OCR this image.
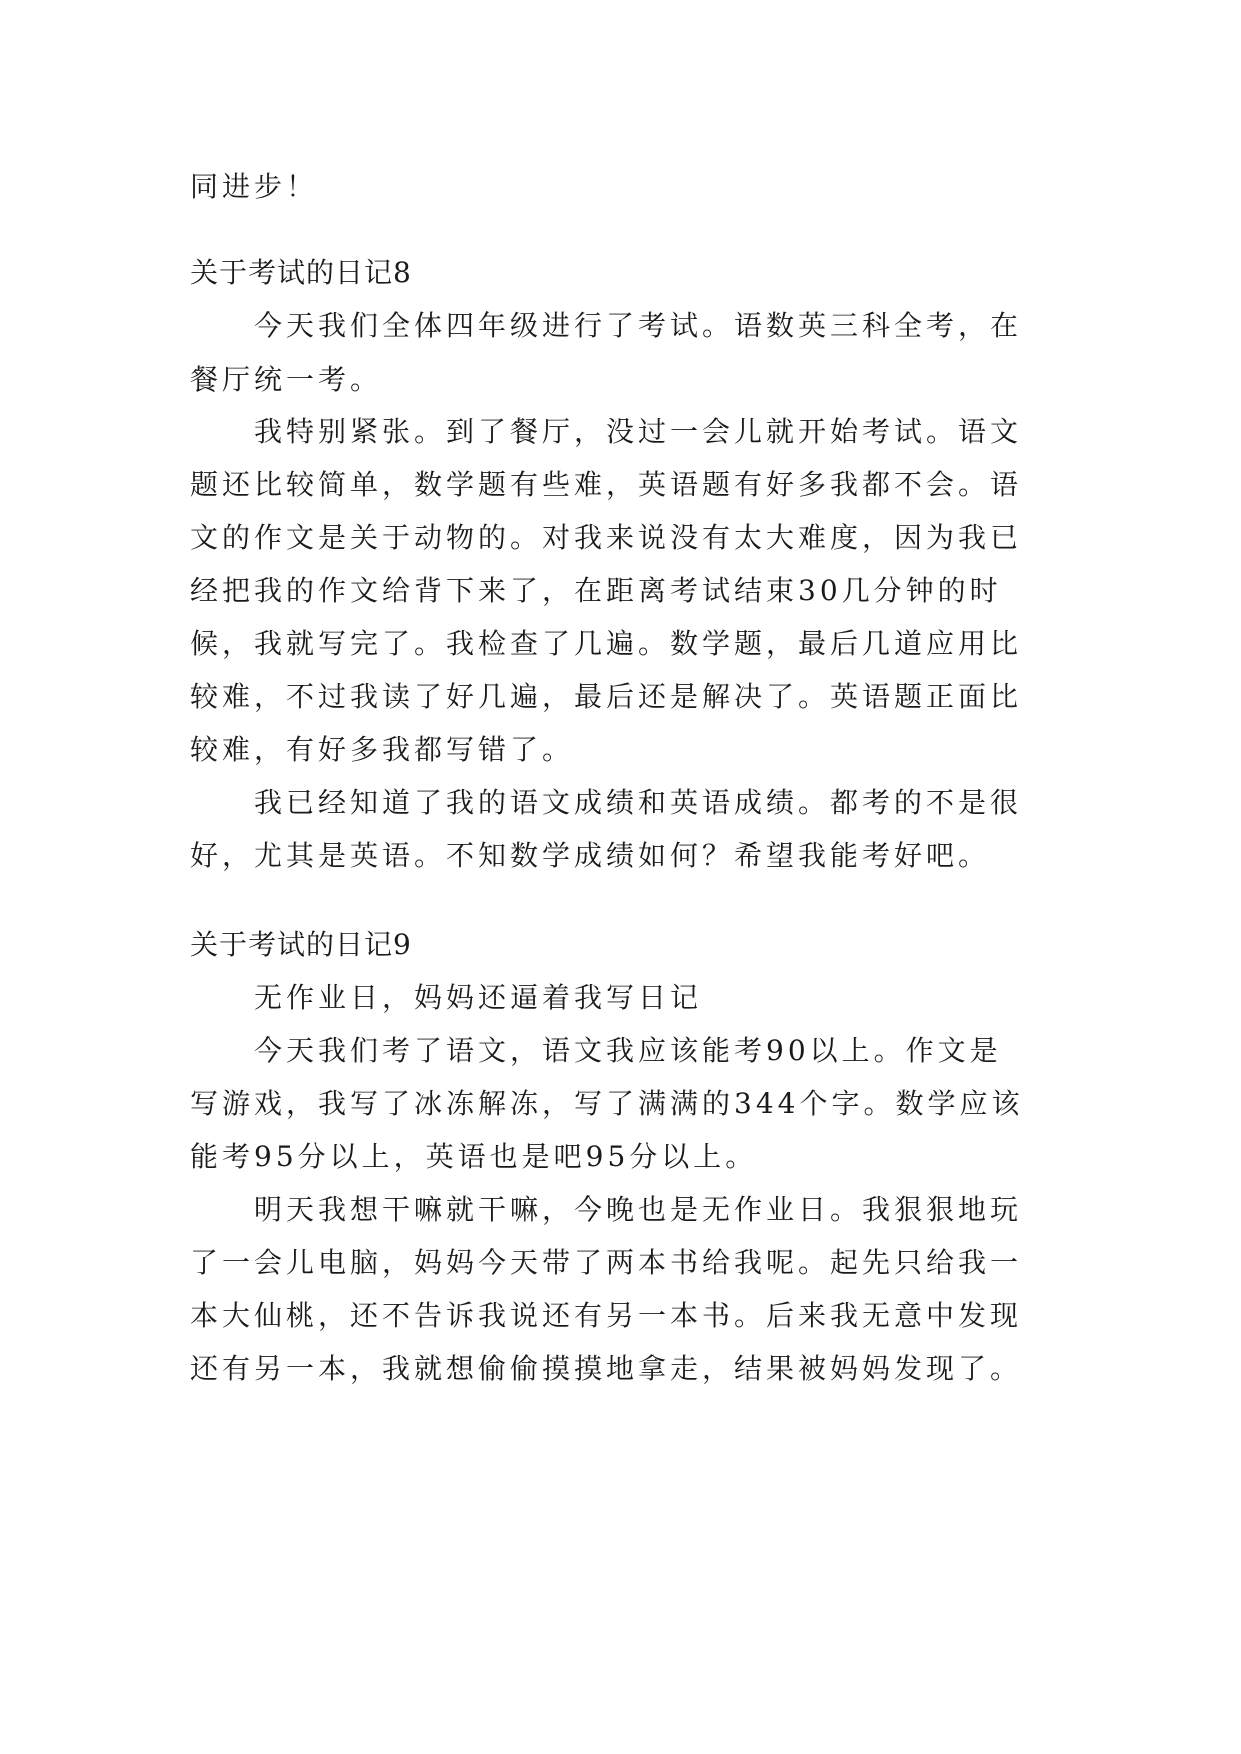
同进步！
关于考试的日记8
今天我们全体四年级进行了考试。语数英三科全考，在
餐厅统一考。
我特别紧张。到了餐厅，没过一会儿就开始考试。语文
题还比较简单，数学题有些难，英语题有好多我都不会。语
文的作文是关于动物的。对我来说没有太大难度，因为我已
经把我的作文给背下来了，在距离考试结束30几分钟的时
候，我就写完了。我检查了几遍。数学题，最后几道应用比
较难，不过我读了好几遍，最后还是解决了。英语题正面比
较难，有好多我都写错了。
我已经知道了我的语文成绩和英语成绩。都考的不是很
好，尤其是英语。不知数学成绩如何？希望我能考好吧。
关于考试的日记9
无作业日，妈妈还逼着我写日记
今天我们考了语文，语文我应该能考90以上。作文是
写游戏，我写了冰冻解冻，写了满满的344个字。数学应该
能考95分以上，英语也是吧95分以上。
明天我想干嘛就干嘛，今晚也是无作业日。我狠狠地玩
了一会儿电脑，妈妈今天带了两本书给我呢。起先只给我一
本大仙桃，还不告诉我说还有另一本书。后来我无意中发现
还有另一本，我就想偷偷摸摸地拿走，结果被妈妈发现了。
